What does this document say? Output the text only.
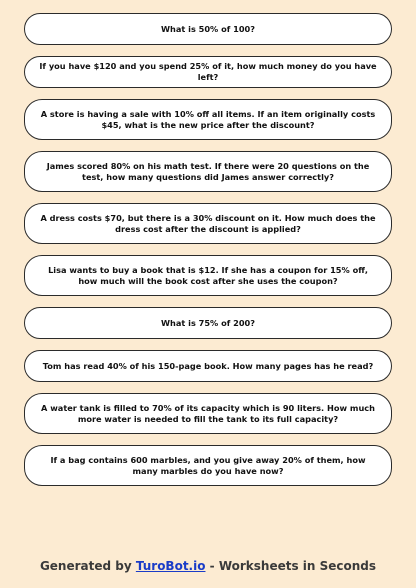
What is 50% of 100?
If you have $120 and you spend 25% of it, how much money do you have left?
A store is having a sale with 10% off all items. If an item originally costs $45, what is the new price after the discount?
James scored 80% on his math test. If there were 20 questions on the test, how many questions did James answer correctly?
A dress costs $70, but there is a 30% discount on it. How much does the dress cost after the discount is applied?
Lisa wants to buy a book that is $12. If she has a coupon for 15% off, how much will the book cost after she uses the coupon?
What is 75% of 200?
Tom has read 40% of his 150-page book. How many pages has he read?
A water tank is filled to 70% of its capacity which is 90 liters. How much more water is needed to fill the tank to its full capacity?
If a bag contains 600 marbles, and you give away 20% of them, how many marbles do you have now?
Generated by TuroBot.io - Worksheets in Seconds
